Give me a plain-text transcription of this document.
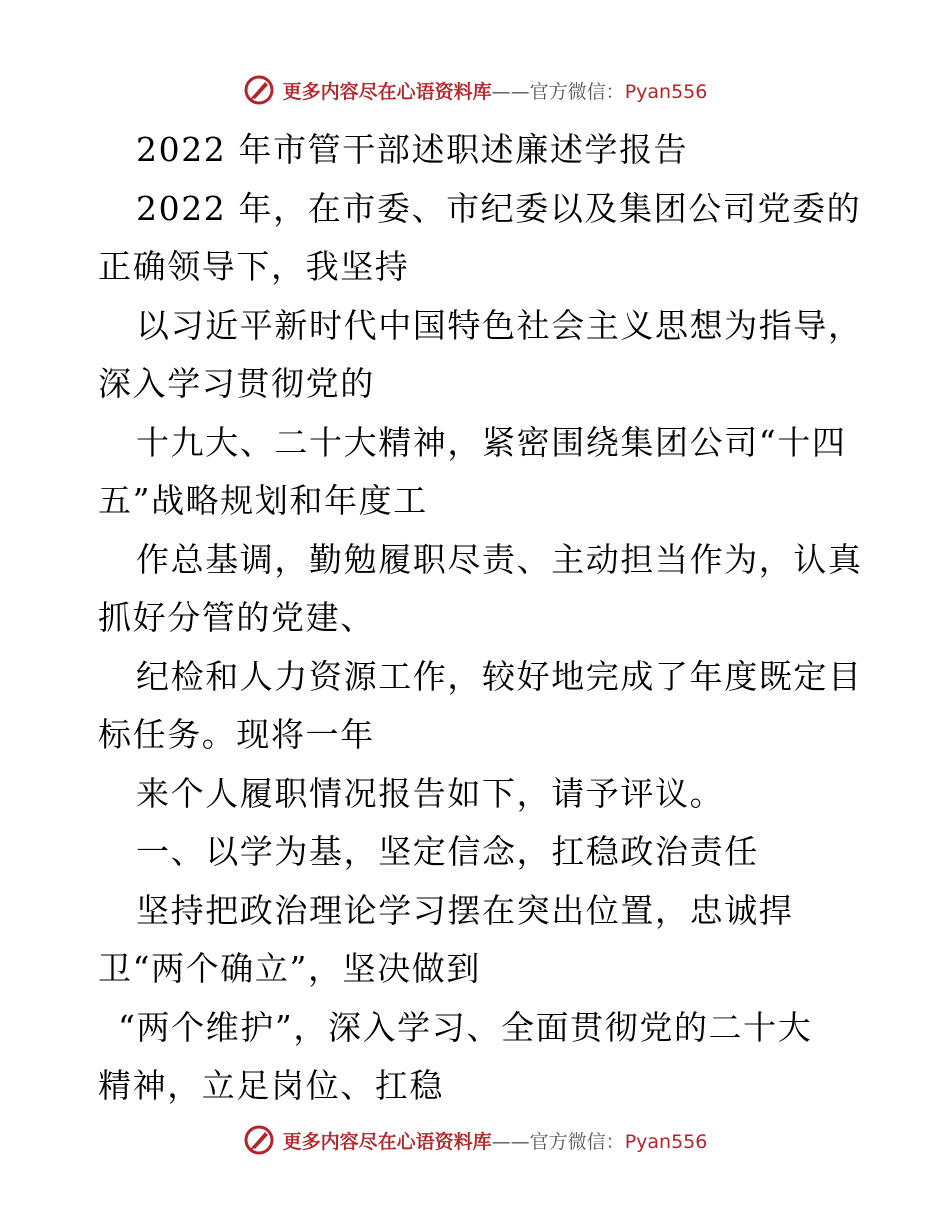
更多内容尽在心语资料库——官方微信：Pyan556
2022 年市管干部述职述廉述学报告
2022 年，在市委、市纪委以及集团公司党委的
正确领导下，我坚持
以习近平新时代中国特色社会主义思想为指导，
深入学习贯彻党的
十九大、二十大精神，紧密围绕集团公司“十四
五”战略规划和年度工
作总基调，勤勉履职尽责、主动担当作为，认真
抓好分管的党建、
纪检和人力资源工作，较好地完成了年度既定目
标任务。现将一年
来个人履职情况报告如下，请予评议。
一、以学为基，坚定信念，扛稳政治责任
坚持把政治理论学习摆在突出位置，忠诚捍
卫“两个确立”，坚决做到
“两个维护”，深入学习、全面贯彻党的二十大
精神，立足岗位、扛稳
更多内容尽在心语资料库——官方微信：Pyan556
